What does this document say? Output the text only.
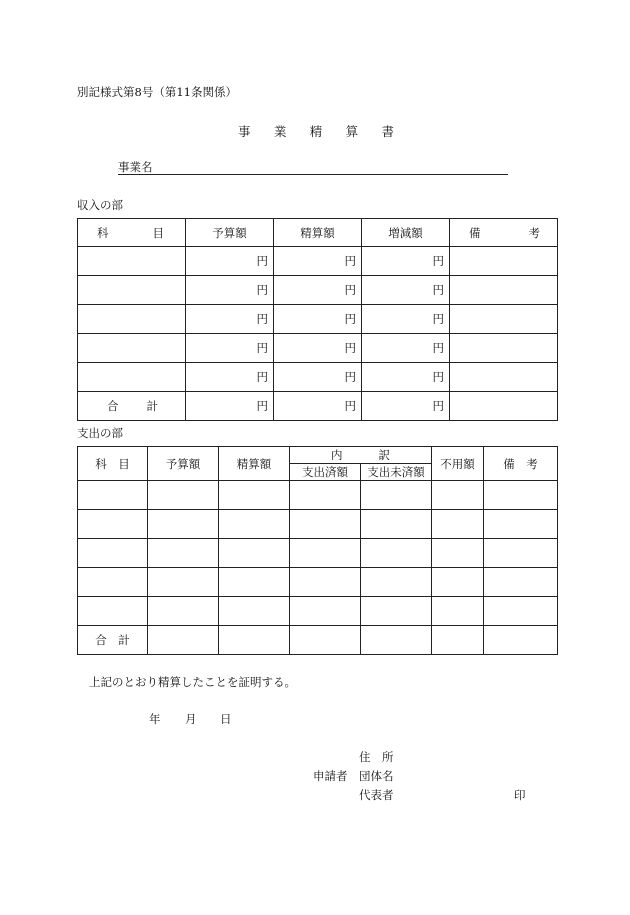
別記様式第8号（第11条関係）
事 業 精 算 書
事業名
収入の部
科 目	予算額	精算額	増減額	備 考

	円	円	円	
	円	円	円	
	円	円	円	
	円	円	円	
	円	円	円	

合 計	円	円	円	
支出の部
科　目	予算額	精算額	内 訳		不用額	備　考
			支出済額	支出未済額		

合　計						
上記のとおり精算したことを証明する。
年 月 日
住　所
申請者 団体名
代表者	印
